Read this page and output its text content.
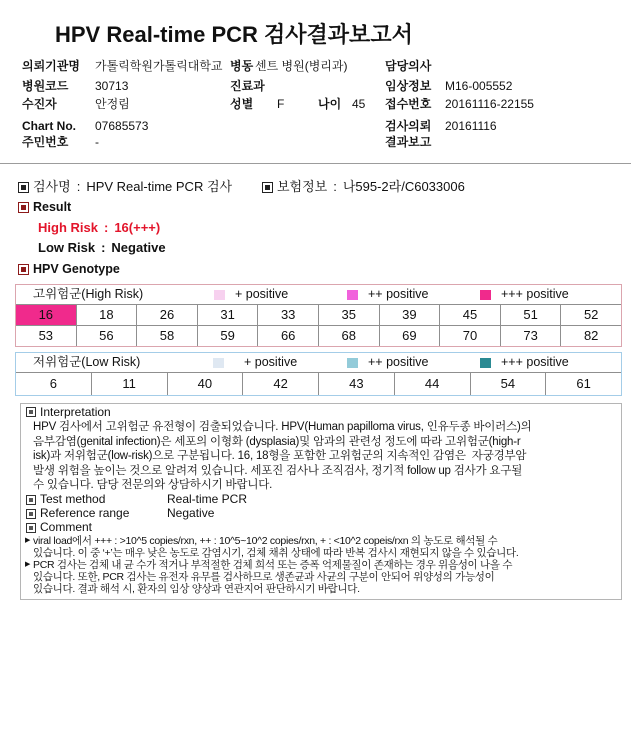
HPV Real-time PCR 검사결과보고서
의뢰기관명 가톨릭학원가톨릭대학교 병동 센트 병원(병리과)	담당의사
병원코드 30713	진료과	임상정보 M16-005552
수진자	안정림	성별 F	나이 45 접수번호 20161116-22155
Chart No. 07685573	검사의뢰 20161116
주민번호 -	결과보고
검사명 : HPV Real-time PCR 검사	보험정보 : 나595-2라/C6033006
Result
High Risk : 16(+++)
Low Risk : Negative
HPV Genotype
고위험군(High Risk)	+ positive	++ positive	+++ positive
16	18	26	31	33	35	39	45	51	52
53	56	58	59	66	68	69	70	73	82
저위험군(Low Risk)	+ positive	++ positive	+++ positive
6	11	40	42	43	44	54	61
Interpretation
HPV 검사에서 고위험군 유전형이 검출되었습니다. HPV(Human papilloma virus, 인유두종 바이러스)의
음부감염(genital infection)은 세포의 이형화 (dysplasia)및 암과의 관련성 정도에 따라 고위험군(high-r
isk)과 저위험군(low-risk)으로 구분됩니다. 16, 18형을 포함한 고위험군의 지속적인 감염은  자궁경부암
발생 위험을 높이는 것으로 알려져 있습니다. 세포진 검사나 조직검사, 정기적 follow up 검사가 요구될
수 있습니다. 담당 전문의와 상담하시기 바랍니다.
Test method	Real-time PCR
Reference range	Negative
Comment
▶ viral load에서 +++ : >10^5 copies/rxn, ++ : 10^5~10^2 copies/rxn, + : <10^2 copeis/rxn 의 농도로 해석될 수
있습니다. 이 중 ‘+’는 매우 낮은 농도로 감염시기, 검체 채취 상태에 따라 반복 검사시 재현되지 않을 수 있습니다.
▶ PCR 검사는 검체 내 균 수가 적거나 부적절한 검체 희석 또는 증폭 억제물질이 존재하는 경우 위음성이 나올 수
있습니다. 또한, PCR 검사는 유전자 유무를 검사하므로 생존균과 사균의 구분이 안되어 위양성의 가능성이
있습니다. 결과 해석 시, 환자의 임상 양상과 연관지어 판단하시기 바랍니다.
